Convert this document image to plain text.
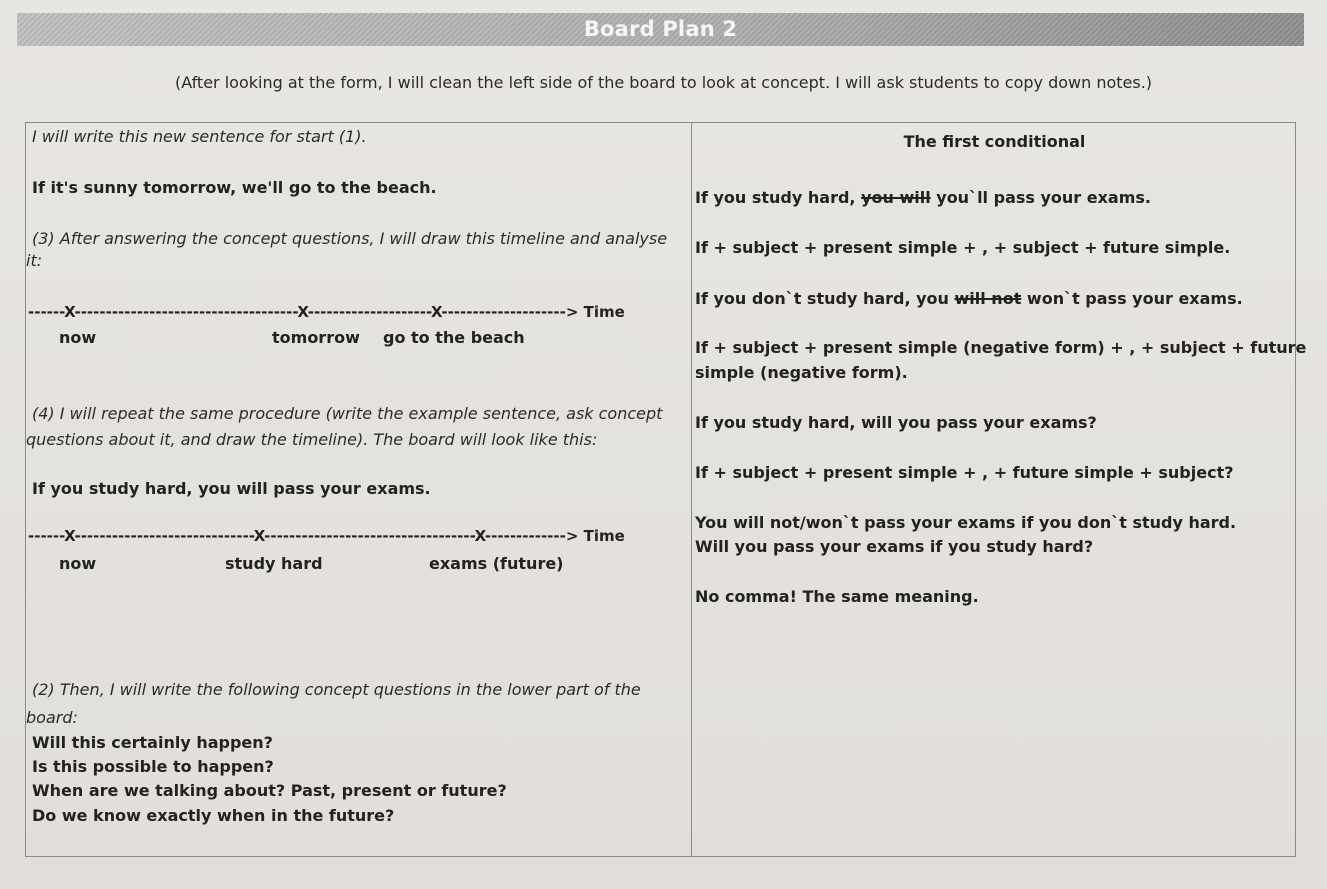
Board Plan 2
(After looking at the form, I will clean the left side of the board to look at concept. I will ask students to copy down notes.)
I will write this new sentence for start (1).
If it's sunny tomorrow, we'll go to the beach.
(3) After answering the concept questions, I will draw this timeline and analyse
it:
------X------------------------------------X--------------------X--------------------> Time
now	tomorrow go to the beach
(4) I will repeat the same procedure (write the example sentence, ask concept
questions about it, and draw the timeline). The board will look like this:
If you study hard, you will pass your exams.
------X-----------------------------X----------------------------------X-------------> Time
now	study hard	exams (future)
(2) Then, I will write the following concept questions in the lower part of the
board:
Will this certainly happen?
Is this possible to happen?
When are we talking about? Past, present or future?
Do we know exactly when in the future?
The first conditional
If you study hard, you will you`ll pass your exams.
If + subject + present simple + , + subject + future simple.
If you don`t study hard, you will not won`t pass your exams.
If + subject + present simple (negative form) + , + subject + future
simple (negative form).
If you study hard, will you pass your exams?
If + subject + present simple + , + future simple + subject?
You will not/won`t pass your exams if you don`t study hard.
Will you pass your exams if you study hard?
No comma! The same meaning.
